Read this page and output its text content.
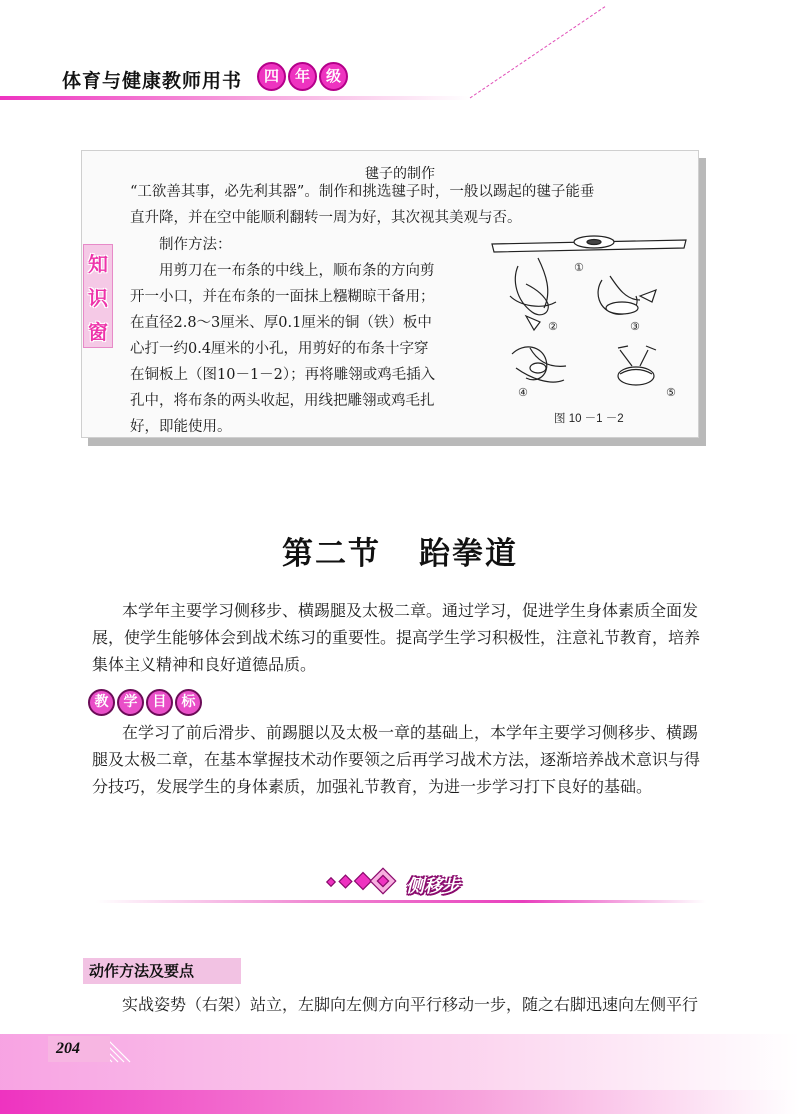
体育与健康教师用书	四	年	级
知
识
窗
毽子的制作
“工欲善其事，必先利其器”。制作和挑选毽子时，一般以踢起的毽子能垂
直升降，并在空中能顺利翻转一周为好，其次视其美观与否。
制作方法：
用剪刀在一布条的中线上，顺布条的方向剪
开一小口，并在布条的一面抹上糨糊晾干备用；
在直径2.8～3厘米、厚0.1厘米的铜（铁）板中
心打一约0.4厘米的小孔，用剪好的布条十字穿
在铜板上（图10－1－2）；再将雕翎或鸡毛插入
孔中，将布条的两头收起，用线把雕翎或鸡毛扎
好，即能使用。
①
②	③
④	⑤
图 10 －1 －2
第二节 跆拳道
本学年主要学习侧移步、横踢腿及太极二章。通过学习，促进学生身体素质全面发
展，使学生能够体会到战术练习的重要性。提高学生学习积极性，注意礼节教育，培养
集体主义精神和良好道德品质。
教	学	目	标
在学习了前后滑步、前踢腿以及太极一章的基础上，本学年主要学习侧移步、横踢
腿及太极二章，在基本掌握技术动作要领之后再学习战术方法，逐渐培养战术意识与得
分技巧，发展学生的身体素质，加强礼节教育，为进一步学习打下良好的基础。
侧移步
动作方法及要点
实战姿势（右架）站立，左脚向左侧方向平行移动一步，随之右脚迅速向左侧平行
204
